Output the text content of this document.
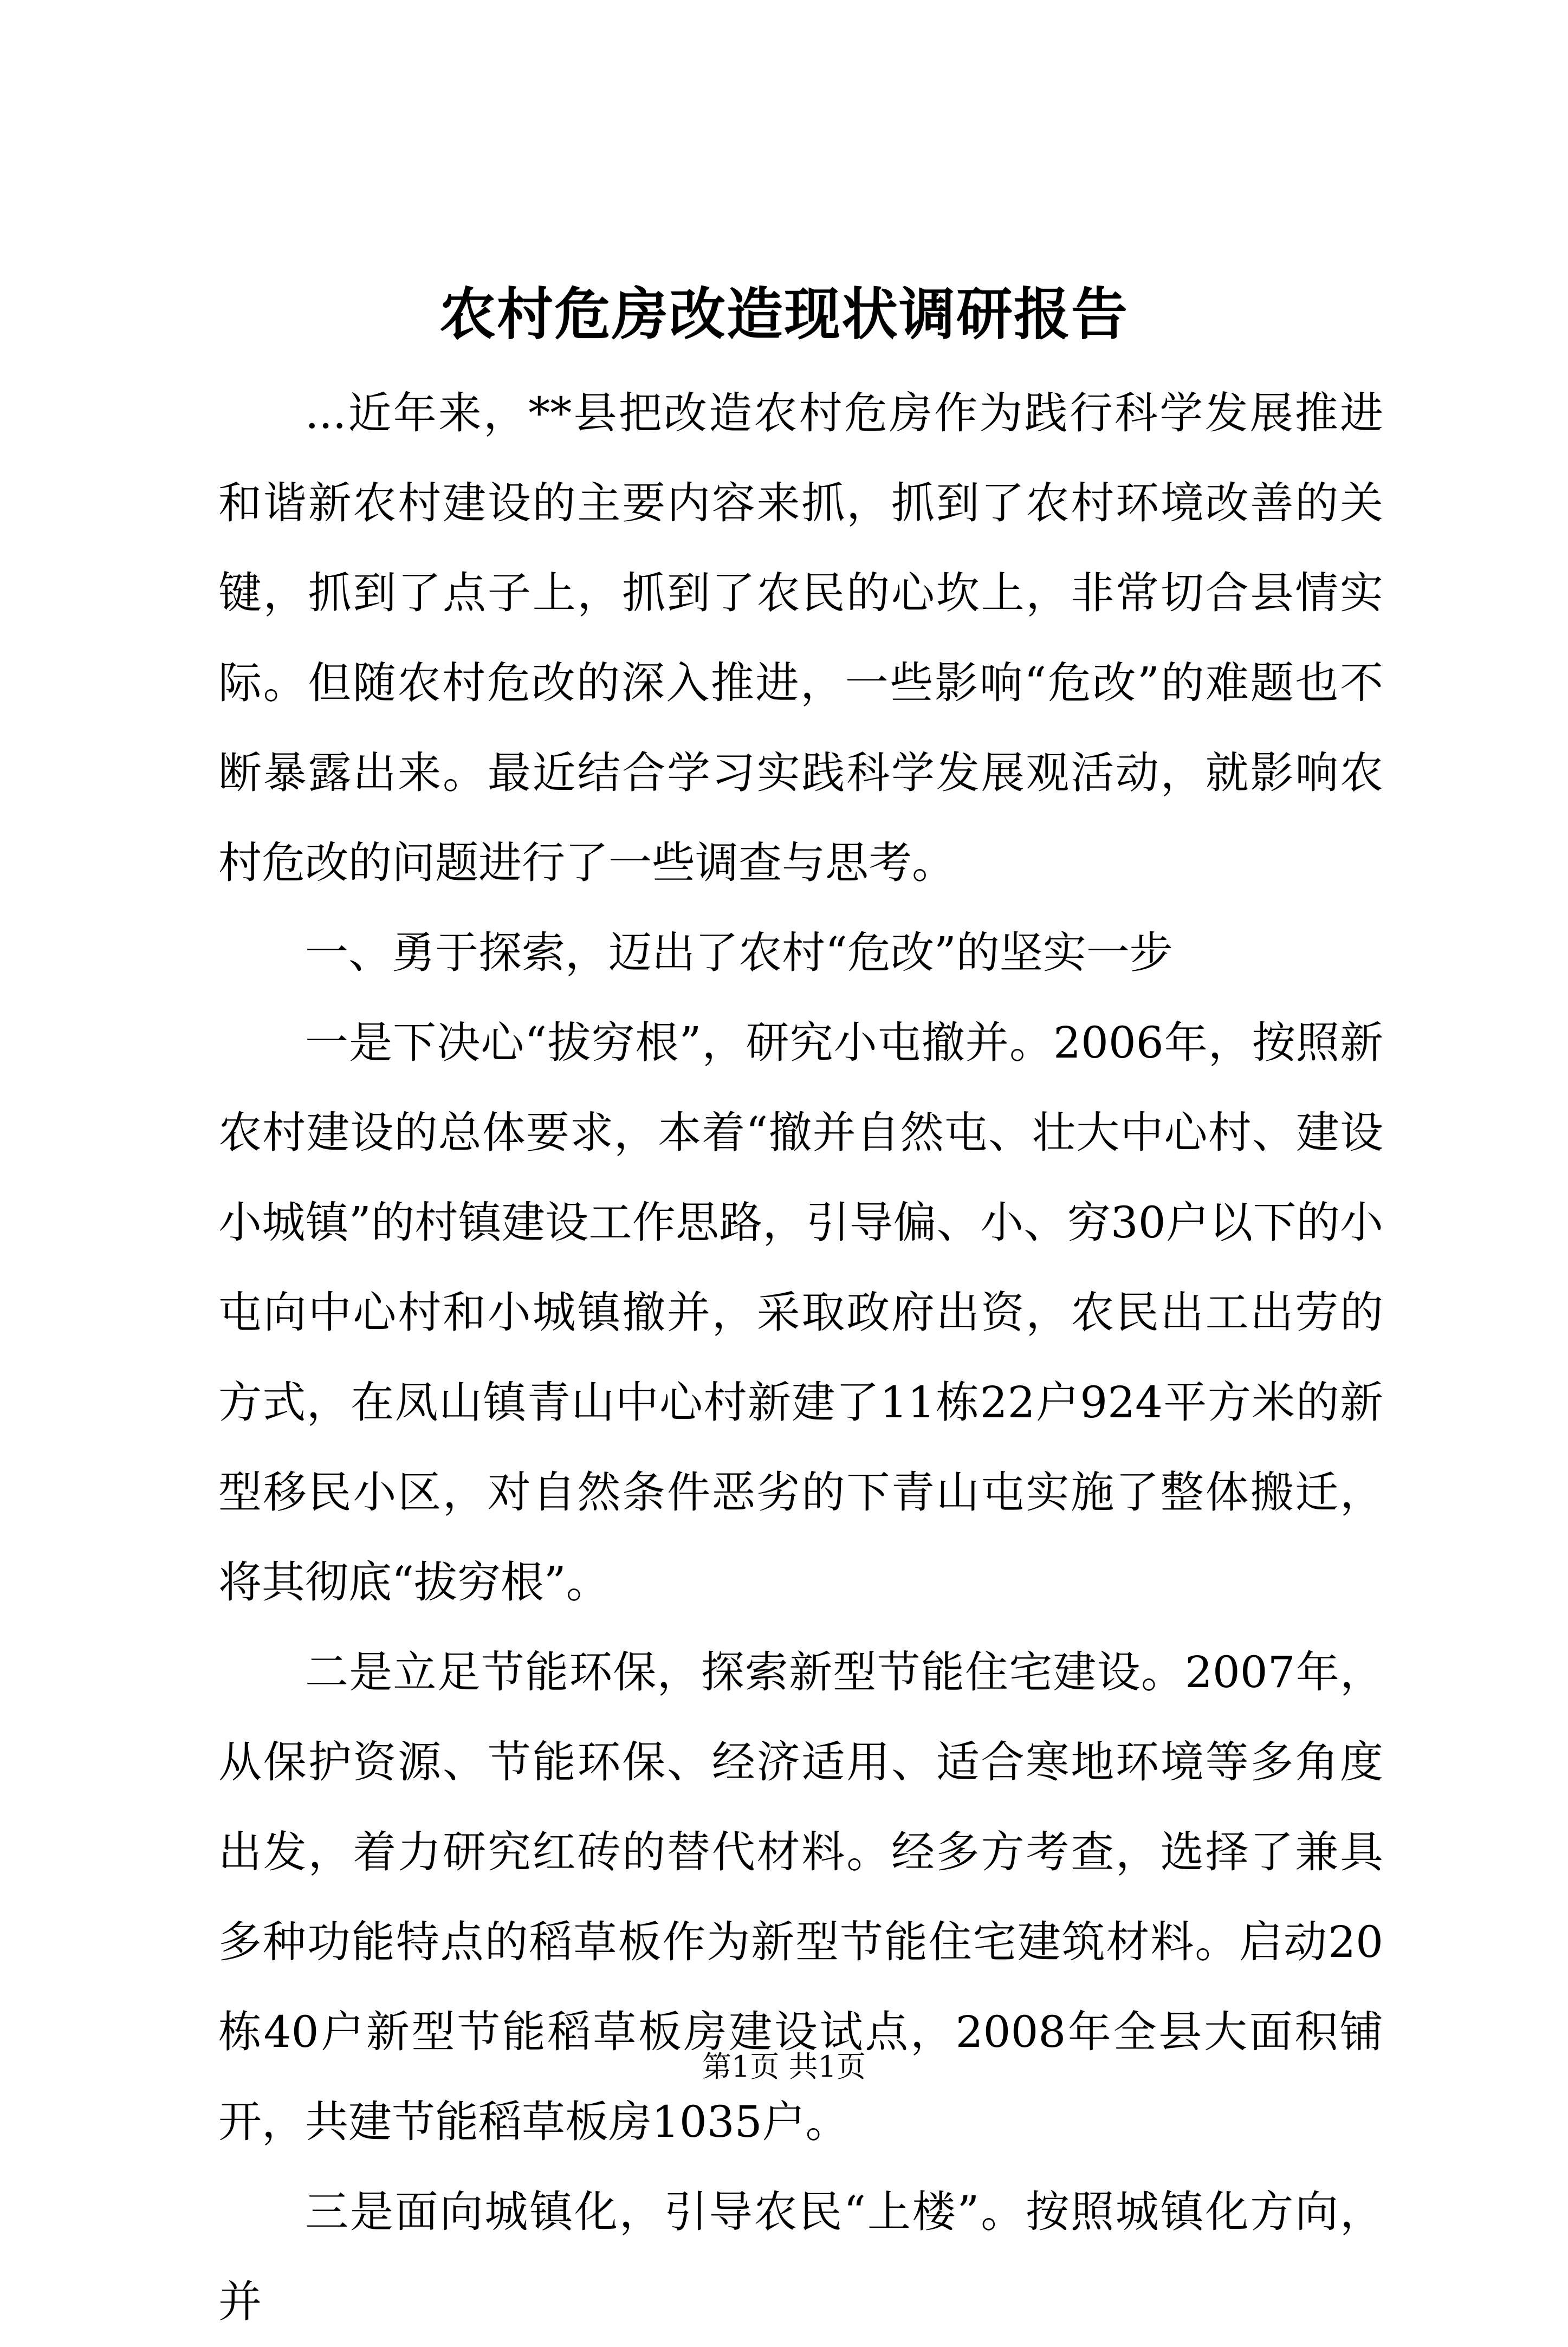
农村危房改造现状调研报告

...近年来，**县把改造农村危房作为践行科学发展推进和谐新农村建设的主要内容来抓，抓到了农村环境改善的关键，抓到了点子上，抓到了农民的心坎上，非常切合县情实际。但随农村危改的深入推进，一些影响“危改”的难题也不断暴露出来。最近结合学习实践科学发展观活动，就影响农村危改的问题进行了一些调查与思考。

一、勇于探索，迈出了农村“危改”的坚实一步

一是下决心“拔穷根”，研究小屯撤并。2006年，按照新农村建设的总体要求，本着“撤并自然屯、壮大中心村、建设小城镇”的村镇建设工作思路，引导偏、小、穷30户以下的小屯向中心村和小城镇撤并，采取政府出资，农民出工出劳的方式，在凤山镇青山中心村新建了11栋22户924平方米的新型移民小区，对自然条件恶劣的下青山屯实施了整体搬迁，将其彻底“拔穷根”。

二是立足节能环保，探索新型节能住宅建设。2007年，从保护资源、节能环保、经济适用、适合寒地环境等多角度出发，着力研究红砖的替代材料。经多方考查，选择了兼具多种功能特点的稻草板作为新型节能住宅建筑材料。启动20栋40户新型节能稻草板房建设试点，2008年全县大面积铺开，共建节能稻草板房1035户。

三是面向城镇化，引导农民“上楼”。按照城镇化方向，并

第1页 共1页
